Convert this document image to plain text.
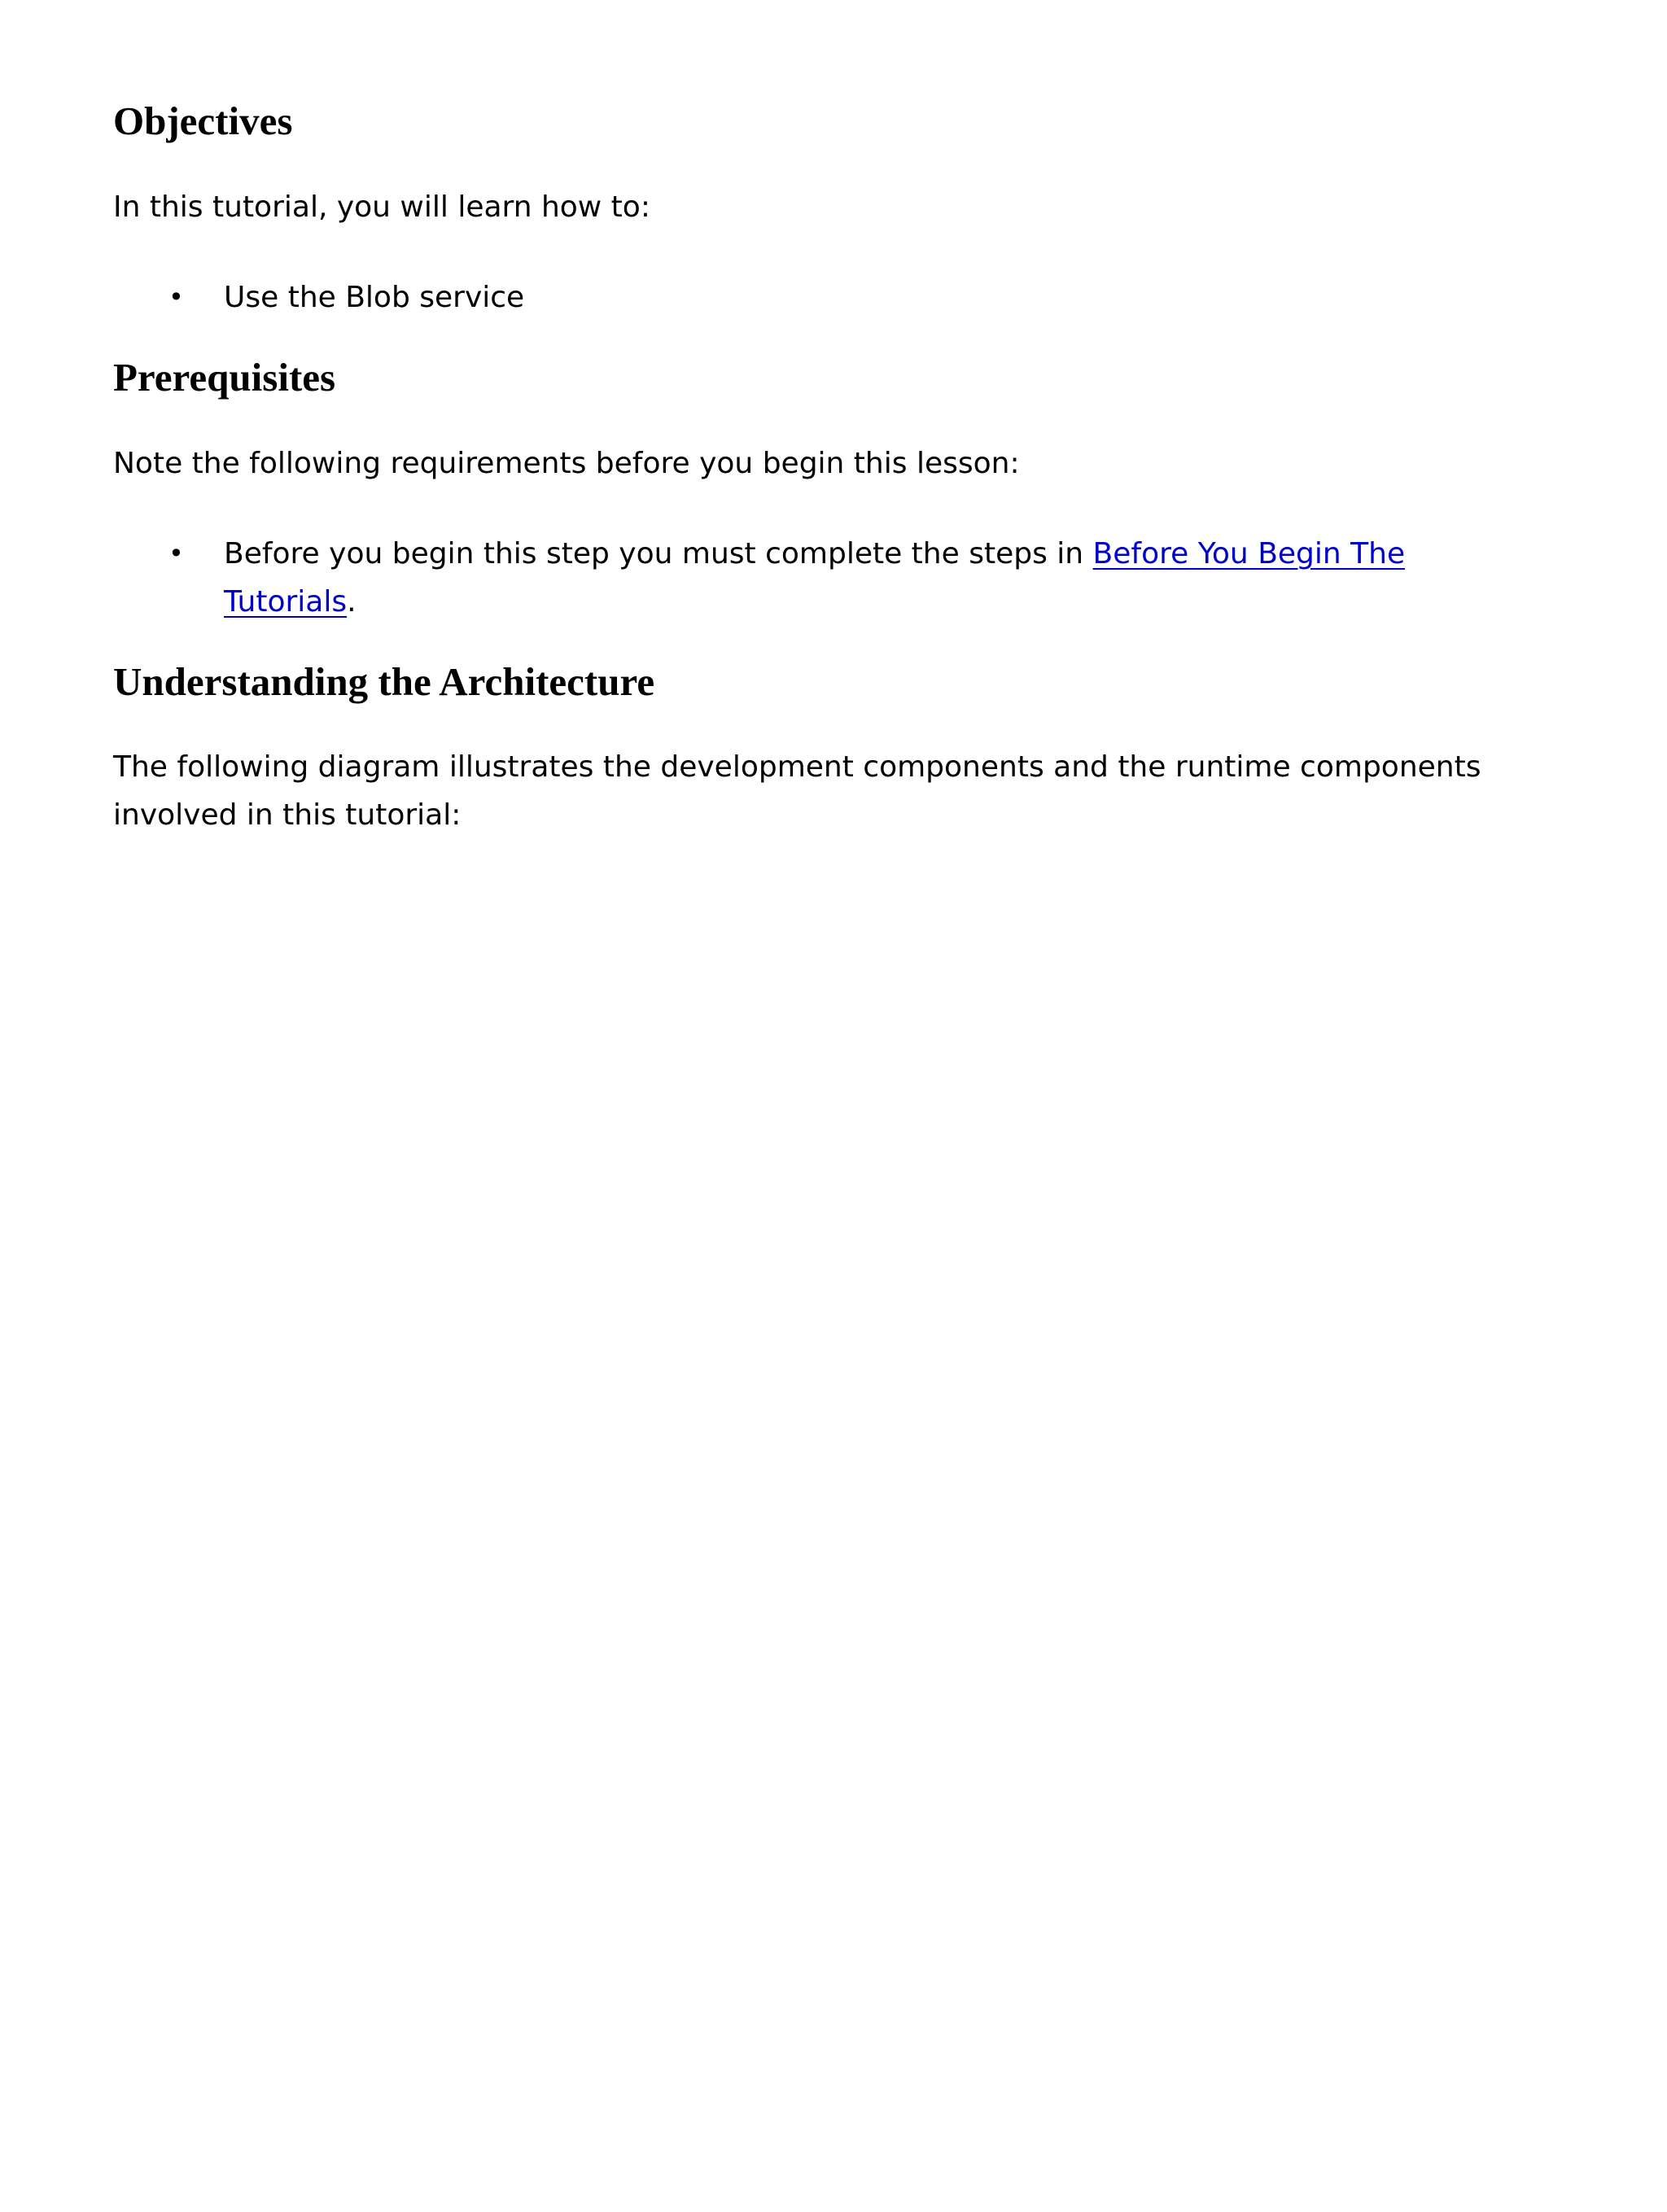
Objectives

In this tutorial, you will learn how to:

• Use the Blob service
Prerequisites

Note the following requirements before you begin this lesson:

• Before you begin this step you must complete the steps in Before You Begin The Tutorials.
Understanding the Architecture

The following diagram illustrates the development components and the runtime components involved in this tutorial:
